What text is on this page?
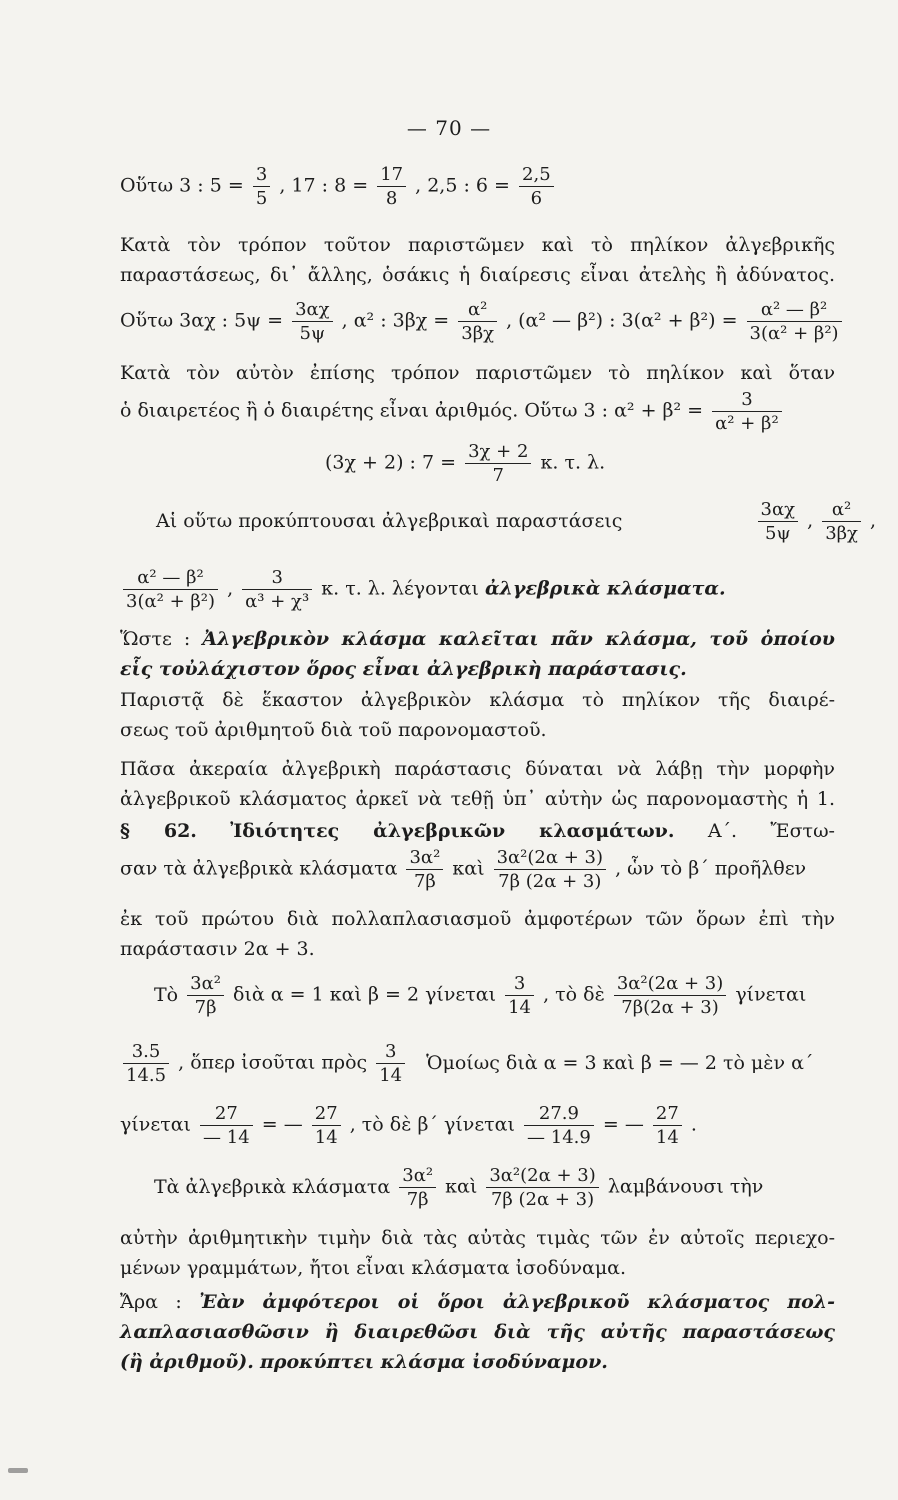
— 70 —
Οὕτω 3 : $5 = \frac{3}{5}$ , 17 : $8 = \frac{17}{8}$ , 2,5 : $6 = \frac{2,5}{6}$
Κατὰ τὸν τρόπον τοῦτον παριστῶμεν καὶ τὸ πηλίκον ἀλγεβρικῆς
παραστάσεως, δι᾽ ἄλλης, ὁσάκις ἡ διαίρεσις εἶναι ἀτελὴς ἢ ἀδύνατος.
Οὕτω 3αχ : $5\psi = \frac{3\alpha\chi}{5\psi}$ , α² : $3\beta\chi = \frac{\text{α²}}{3\beta\chi}$ , (α² — β²) : $3(\alpha^2 + \beta^2) = \frac{\text{α² — β²}}{\text{3(α² + β²)}}$
Κατὰ τὸν αὐτὸν ἐπίσης τρόπον παριστῶμεν τὸ πηλίκον καὶ ὅταν
ὁ διαιρετέος ἢ ὁ διαιρέτης εἶναι ἀριθμός. Οὕτω 3 : $\alpha^2 + \beta^2 = \frac{3}{\text{α² + β²}}$
(3χ + 2) : $7 = \frac{3\chi + 2}{7} \kappa$. τ. λ.
Αἱ οὕτω προκύπτουσαι ἀλγεβρικαὶ παραστάσεις	$\frac{3\alpha\chi}{5\psi}$ , $\frac{\text{α²}}{3\beta\chi}$ ,
$\frac{\text{α² — β²}}{\text{3(α² + β²)}}$ , $\frac{3}{\text{α³ + χ³}} \kappa$. τ. λ. λέγονται ἀλγεβρικὰ κλάσματα.
Ὥστε : Ἀλγεβρικὸν κλάσμα καλεῖται πᾶν κλάσμα, τοῦ ὁποίου
εἷς τοὐλάχιστον ὅρος εἶναι ἀλγεβρικὴ παράστασις.
Παριστᾷ δὲ ἕκαστον ἀλγεβρικὸν κλάσμα τὸ πηλίκον τῆς διαιρέ-
σεως τοῦ ἀριθμητοῦ διὰ τοῦ παρονομαστοῦ.
Πᾶσα ἀκεραία ἀλγεβρικὴ παράστασις δύναται νὰ λάβῃ τὴν μορφὴν
ἀλγεβρικοῦ κλάσματος ἀρκεῖ νὰ τεθῇ ὑπ᾽ αὐτὴν ὡς παρονομαστὴς ἡ 1.
§ 62. Ἰδιότητες ἀλγεβρικῶν κλασμάτων. Α΄. Ἔστω-
σαν τὰ ἀλγεβρικὰ κλάσματα $\frac{\text{3α²}}{7\beta}$ καὶ $\frac{\text{3α²(2α + 3)}}{7\beta (2\alpha + 3)}$ , ὧν τὸ β΄ προῆλθεν
ἐκ τοῦ πρώτου διὰ πολλαπλασιασμοῦ ἀμφοτέρων τῶν ὅρων ἐπὶ τὴν
παράστασιν 2α + 3.
Τὸ $\frac{\text{3α²}}{7\beta}$ διὰ α = 1 καὶ β = 2 γίνεται $\frac{3}{14}$ , τὸ δὲ $\frac{\text{3α²(2α + 3)}}{7\beta(2\alpha + 3)}$ γίνεται
$\frac{3.5}{14.5}$ , ὅπερ ἰσοῦται πρὸς $\frac{3}{14}$ Ὁμοίως διὰ α = 3 καὶ β = — 2 τὸ μὲν α΄
γίνεται $\frac{27}{— 14}$ = — $\frac{27}{14}$ , τὸ δὲ β΄ γίνεται $\frac{27.9}{— 14.9}$ = — $\frac{27}{14}$ .
Τὰ ἀλγεβρικὰ κλάσματα $\frac{\text{3α²}}{7\beta}$ καὶ $\frac{\text{3α²(2α + 3)}}{7\beta (2\alpha + 3)}$ λαμβάνουσι τὴν
αὐτὴν ἀριθμητικὴν τιμὴν διὰ τὰς αὐτὰς τιμὰς τῶν ἐν αὐτοῖς περιεχο-
μένων γραμμάτων, ἤτοι εἶναι κλάσματα ἰσοδύναμα.
Ἄρα : Ἐὰν ἀμφότεροι οἱ ὅροι ἀλγεβρικοῦ κλάσματος πολ-
λαπλασιασθῶσιν ἢ διαιρεθῶσι διὰ τῆς αὐτῆς παραστάσεως
(ἢ ἀριθμοῦ). προκύπτει κλάσμα ἰσοδύναμον.
